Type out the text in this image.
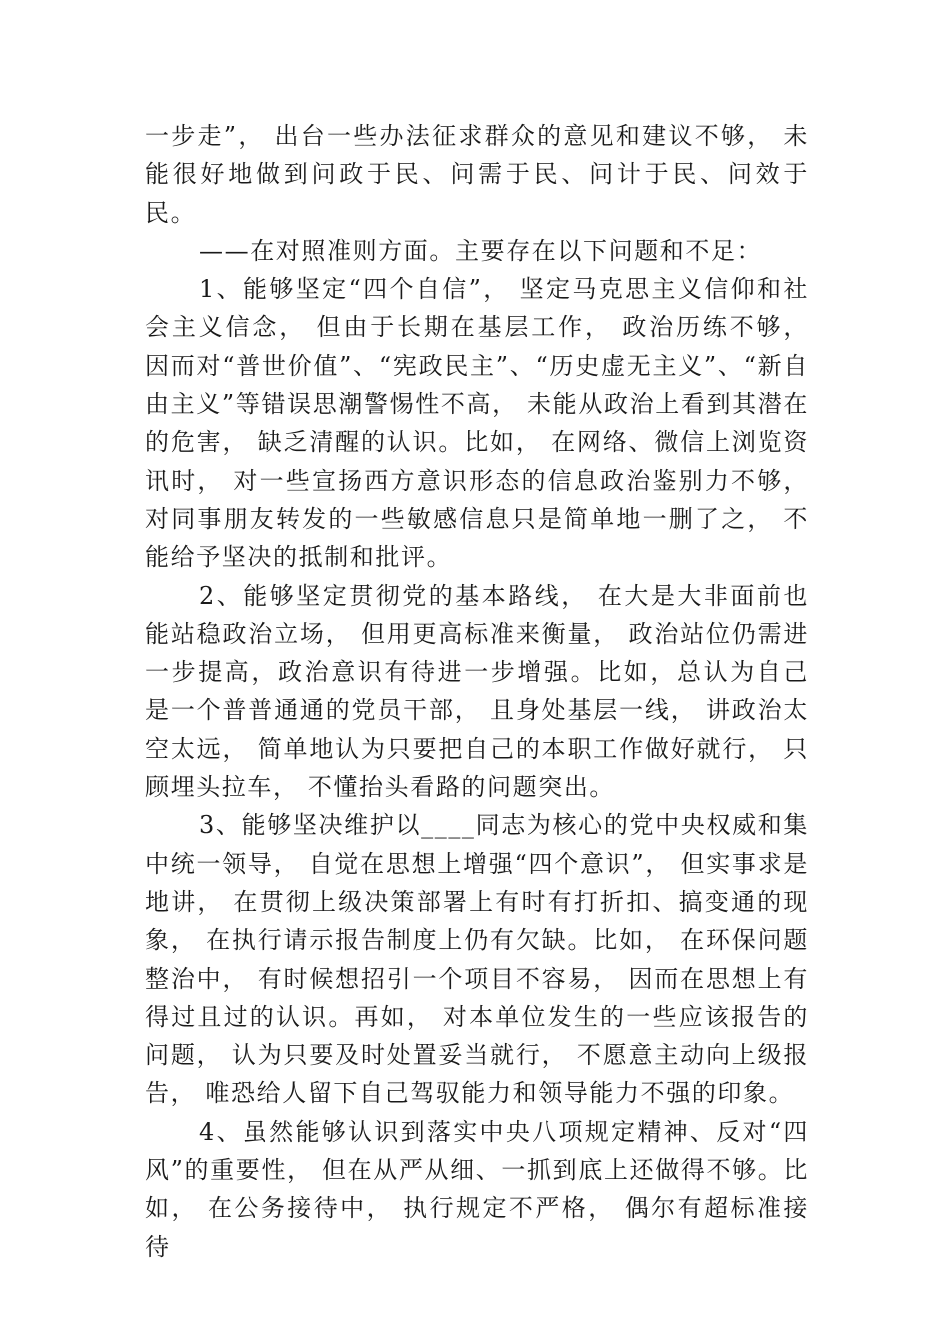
一步走”， 出台一些办法征求群众的意见和建议不够， 未能很好地做到问政于民、问需于民、问计于民、问效于民。

——在对照准则方面。主要存在以下问题和不足：

1、能够坚定“四个自信”， 坚定马克思主义信仰和社会主义信念， 但由于长期在基层工作， 政治历练不够， 因而对“普世价值”、“宪政民主”、“历史虚无主义”、“新自由主义”等错误思潮警惕性不高， 未能从政治上看到其潜在的危害， 缺乏清醒的认识。比如， 在网络、微信上浏览资讯时， 对一些宣扬西方意识形态的信息政治鉴别力不够，对同事朋友转发的一些敏感信息只是简单地一删了之， 不能给予坚决的抵制和批评。

2、能够坚定贯彻党的基本路线， 在大是大非面前也能站稳政治立场， 但用更高标准来衡量， 政治站位仍需进一步提高，政治意识有待进一步增强。比如，总认为自己是一个普普通通的党员干部， 且身处基层一线， 讲政治太空太远， 简单地认为只要把自己的本职工作做好就行， 只顾埋头拉车， 不懂抬头看路的问题突出。

3、能够坚决维护以____同志为核心的党中央权威和集中统一领导， 自觉在思想上增强“四个意识”， 但实事求是地讲， 在贯彻上级决策部署上有时有打折扣、搞变通的现象， 在执行请示报告制度上仍有欠缺。比如， 在环保问题整治中， 有时候想招引一个项目不容易， 因而在思想上有得过且过的认识。再如， 对本单位发生的一些应该报告的问题， 认为只要及时处置妥当就行， 不愿意主动向上级报告， 唯恐给人留下自己驾驭能力和领导能力不强的印象。

4、虽然能够认识到落实中央八项规定精神、反对“四风”的重要性， 但在从严从细、一抓到底上还做得不够。比如， 在公务接待中， 执行规定不严格， 偶尔有超标准接待
